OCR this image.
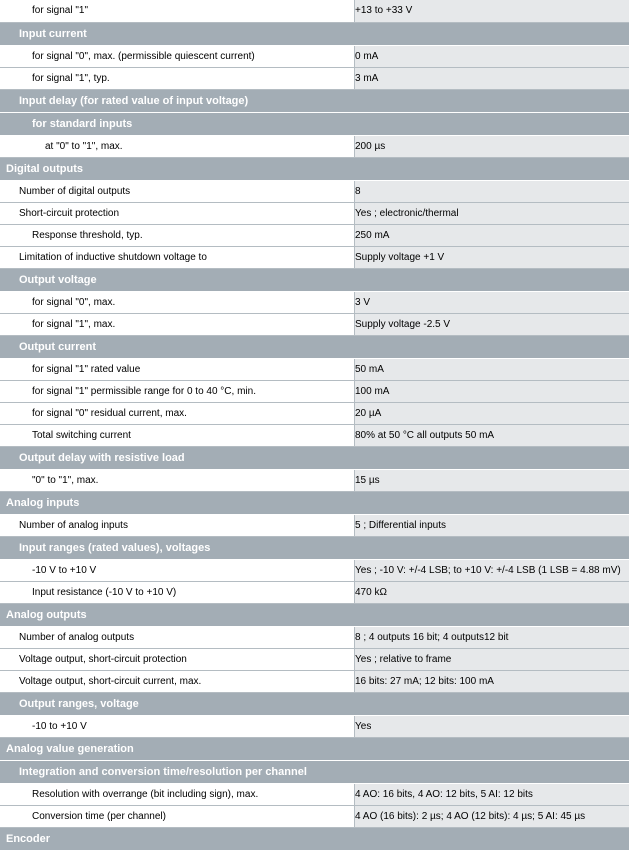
for signal "1"	+13 to +33 V
Input current	
for signal "0", max. (permissible quiescent current)	0 mA
for signal "1", typ.	3 mA
Input delay (for rated value of input voltage)	
for standard inputs	
at "0" to "1", max.	200 µs
Digital outputs	
Number of digital outputs	8
Short-circuit protection	Yes ; electronic/thermal
Response threshold, typ.	250 mA
Limitation of inductive shutdown voltage to	Supply voltage +1 V
Output voltage	
for signal "0", max.	3 V
for signal "1", max.	Supply voltage -2.5 V
Output current	
for signal "1" rated value	50 mA
for signal "1" permissible range for 0 to 40 °C, min.	100 mA
for signal "0" residual current, max.	20 µA
Total switching current	80% at 50 °C all outputs 50 mA
Output delay with resistive load	
"0" to "1", max.	15 µs
Analog inputs	
Number of analog inputs	5 ; Differential inputs
Input ranges (rated values), voltages	
-10 V to +10 V	Yes ; -10 V: +/-4 LSB; to +10 V: +/-4 LSB (1 LSB = 4.88 mV)
Input resistance (-10 V to +10 V)	470 kΩ
Analog outputs	
Number of analog outputs	8 ; 4 outputs 16 bit; 4 outputs12 bit
Voltage output, short-circuit protection	Yes ; relative to frame
Voltage output, short-circuit current, max.	16 bits: 27 mA; 12 bits: 100 mA
Output ranges, voltage	
-10 to +10 V	Yes
Analog value generation	
Integration and conversion time/resolution per channel	
Resolution with overrange (bit including sign), max.	4 AO: 16 bits, 4 AO: 12 bits, 5 AI: 12 bits
Conversion time (per channel)	4 AO (16 bits): 2 µs; 4 AO (12 bits): 4 µs; 5 AI: 45 µs
Encoder	
